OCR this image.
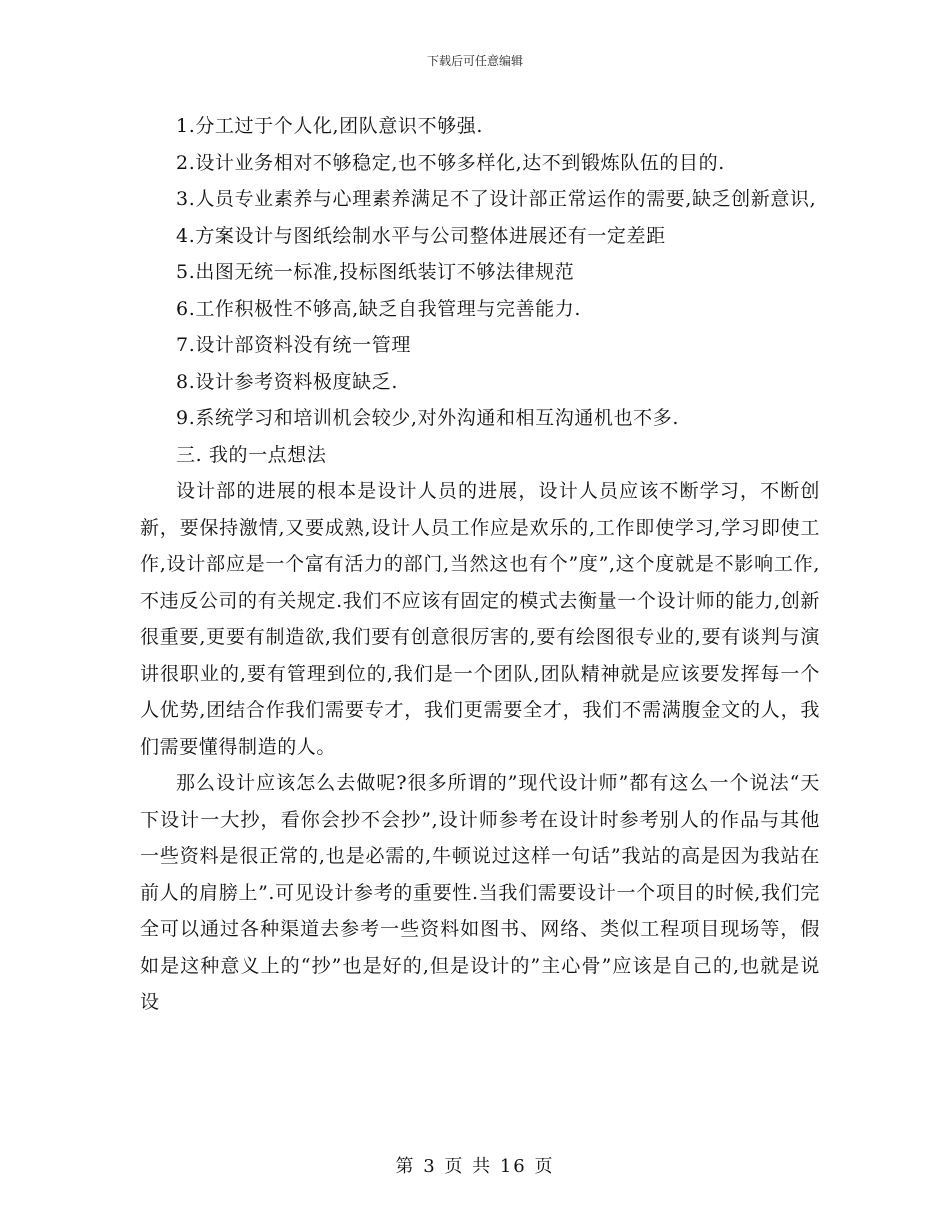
下载后可任意编辑

1.分工过于个人化,团队意识不够强.

2.设计业务相对不够稳定,也不够多样化,达不到锻炼队伍的目的.

3.人员专业素养与心理素养满足不了设计部正常运作的需要,缺乏创新意识,

4.方案设计与图纸绘制水平与公司整体进展还有一定差距

5.出图无统一标准,投标图纸装订不够法律规范

6.工作积极性不够高,缺乏自我管理与完善能力.

7.设计部资料没有统一管理

8.设计参考资料极度缺乏.

9.系统学习和培训机会较少,对外沟通和相互沟通机也不多.

三. 我的一点想法

设计部的进展的根本是设计人员的进展，设计人员应该不断学习，不断创新，要保持激情,又要成熟,设计人员工作应是欢乐的,工作即使学习,学习即使工作,设计部应是一个富有活力的部门,当然这也有个”度”,这个度就是不影响工作,不违反公司的有关规定.我们不应该有固定的模式去衡量一个设计师的能力,创新很重要,更要有制造欲,我们要有创意很厉害的,要有绘图很专业的,要有谈判与演讲很职业的,要有管理到位的,我们是一个团队,团队精神就是应该要发挥每一个人优势,团结合作我们需要专才，我们更需要全才，我们不需满腹金文的人，我们需要懂得制造的人。

那么设计应该怎么去做呢?很多所谓的”现代设计师”都有这么一个说法“天下设计一大抄，看你会抄不会抄”,设计师参考在设计时参考别人的作品与其他一些资料是很正常的,也是必需的,牛顿说过这样一句话”我站的高是因为我站在前人的肩膀上”.可见设计参考的重要性.当我们需要设计一个项目的时候,我们完全可以通过各种渠道去参考一些资料如图书、网络、类似工程项目现场等，假如是这种意义上的“抄”也是好的,但是设计的”主心骨”应该是自己的,也就是说设

第 3 页 共 16 页
